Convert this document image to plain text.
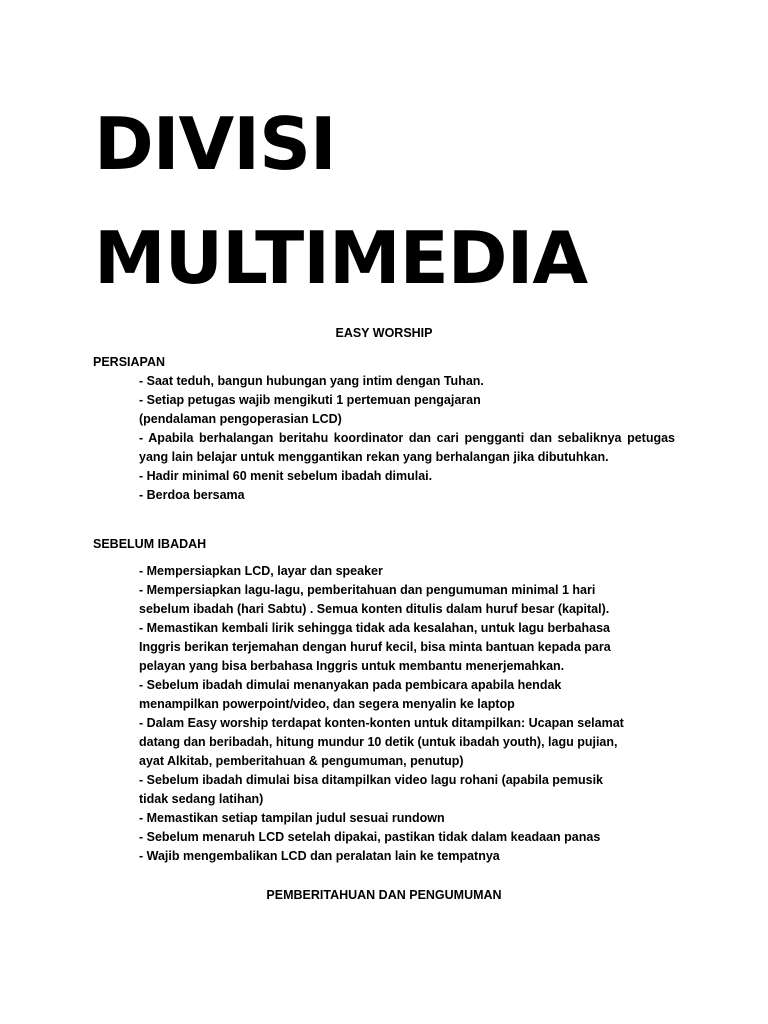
DIVISI
MULTIMEDIA

EASY WORSHIP

PERSIAPAN

- Saat teduh, bangun hubungan yang intim dengan Tuhan.
- Setiap petugas wajib mengikuti 1 pertemuan pengajaran
(pendalaman pengoperasian LCD)
- Apabila berhalangan beritahu koordinator dan cari pengganti dan sebaliknya petugas yang lain belajar untuk menggantikan rekan yang berhalangan jika dibutuhkan.
- Hadir minimal 60 menit sebelum ibadah dimulai.
- Berdoa bersama

SEBELUM IBADAH

- Mempersiapkan LCD, layar dan speaker
- Mempersiapkan lagu-lagu, pemberitahuan dan pengumuman minimal 1 hari
sebelum ibadah (hari Sabtu) . Semua konten ditulis dalam huruf besar (kapital).
- Memastikan kembali lirik sehingga tidak ada kesalahan, untuk lagu berbahasa
Inggris berikan terjemahan dengan huruf kecil, bisa minta bantuan kepada para
pelayan yang bisa berbahasa Inggris untuk membantu menerjemahkan.
- Sebelum ibadah dimulai menanyakan pada pembicara apabila hendak
menampilkan powerpoint/video, dan segera menyalin ke laptop
- Dalam Easy worship terdapat konten-konten untuk ditampilkan: Ucapan selamat
datang dan beribadah, hitung mundur 10 detik (untuk ibadah youth), lagu pujian,
ayat Alkitab, pemberitahuan & pengumuman, penutup)
- Sebelum ibadah dimulai bisa ditampilkan video lagu rohani (apabila pemusik
tidak sedang latihan)
- Memastikan setiap tampilan judul sesuai rundown
- Sebelum menaruh LCD setelah dipakai, pastikan tidak dalam keadaan panas
- Wajib mengembalikan LCD dan peralatan lain ke tempatnya

PEMBERITAHUAN DAN PENGUMUMAN
